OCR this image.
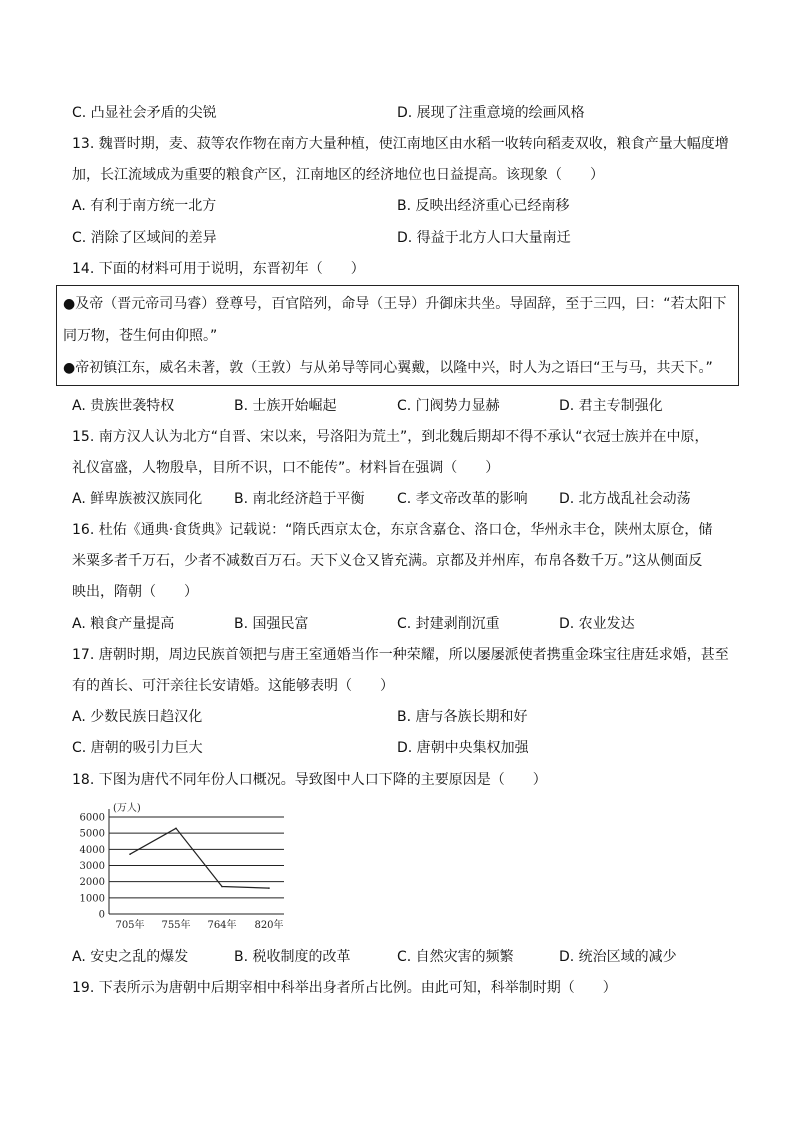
C. 凸显社会矛盾的尖锐	D. 展现了注重意境的绘画风格
13. 魏晋时期，麦、菽等农作物在南方大量种植，使江南地区由水稻一收转向稻麦双收，粮食产量大幅度增
加，长江流域成为重要的粮食产区，江南地区的经济地位也日益提高。该现象（　　）
A. 有利于南方统一北方	B. 反映出经济重心已经南移
C. 消除了区域间的差异	D. 得益于北方人口大量南迁
14. 下面的材料可用于说明，东晋初年（　　）
●及帝（晋元帝司马睿）登尊号，百官陪列，命导（王导）升御床共坐。导固辞，至于三四，曰：“若太阳下
同万物，苍生何由仰照。”
●帝初镇江东，威名未著，敦（王敦）与从弟导等同心翼戴，以隆中兴，时人为之语曰“王与马，共天下。”
A. 贵族世袭特权	B. 士族开始崛起	C. 门阀势力显赫	D. 君主专制强化
15. 南方汉人认为北方“自晋、宋以来，号洛阳为荒土”，到北魏后期却不得不承认“衣冠士族并在中原，
礼仪富盛，人物殷阜，目所不识，口不能传”。材料旨在强调（　　）
A. 鲜卑族被汉族同化 B. 南北经济趋于平衡 C. 孝文帝改革的影响 D. 北方战乱社会动荡
16. 杜佑《通典·食货典》记载说：“隋氏西京太仓，东京含嘉仓、洛口仓，华州永丰仓，陕州太原仓，储
米粟多者千万石，少者不减数百万石。天下义仓又皆充满。京都及并州库，布帛各数千万。”这从侧面反
映出，隋朝（　　）
A. 粮食产量提高	B. 国强民富	C. 封建剥削沉重	D. 农业发达
17. 唐朝时期，周边民族首领把与唐王室通婚当作一种荣耀，所以屡屡派使者携重金珠宝往唐廷求婚，甚至
有的酋长、可汗亲往长安请婚。这能够表明（　　）
A. 少数民族日趋汉化	B. 唐与各族长期和好
C. 唐朝的吸引力巨大	D. 唐朝中央集权加强
18. 下图为唐代不同年份人口概况。导致图中人口下降的主要原因是（　　）
0
1000
2000
3000
4000
5000
6000
(万人)
705年 755年 764年 820年
A. 安史之乱的爆发	B. 税收制度的改革	C. 自然灾害的频繁	D. 统治区域的减少
19. 下表所示为唐朝中后期宰相中科举出身者所占比例。由此可知，科举制时期（　　）
